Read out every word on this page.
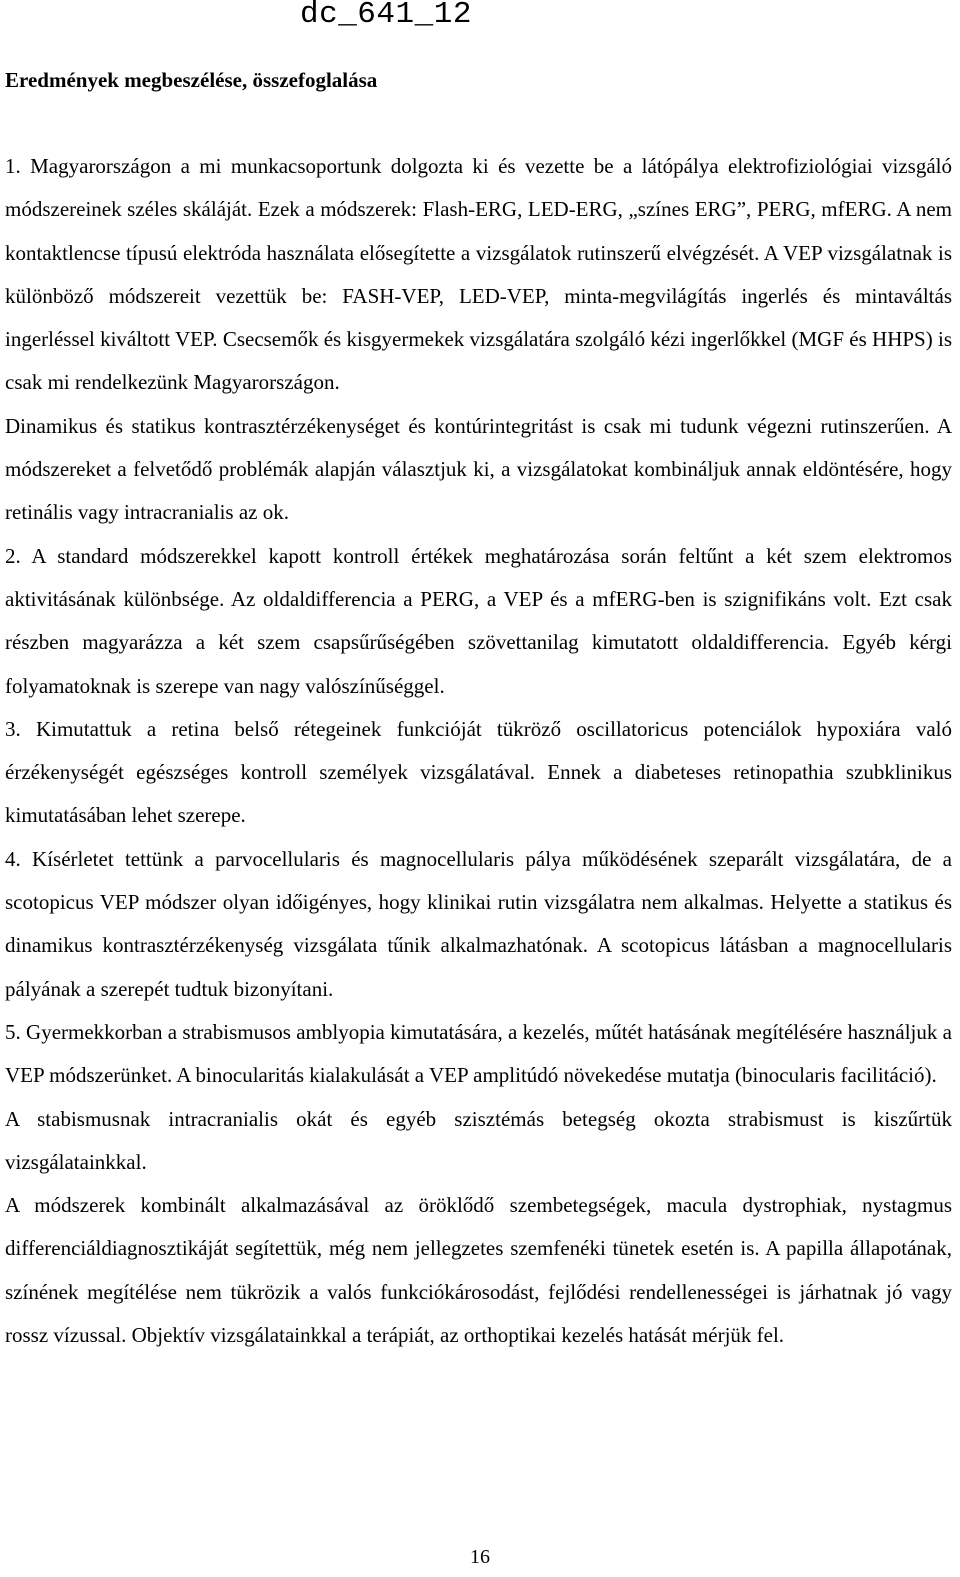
dc_641_12
Eredmények megbeszélése, összefoglalása

1. Magyarországon a mi munkacsoportunk dolgozta ki és vezette be a látópálya elektrofiziológiai vizsgáló módszereinek széles skáláját. Ezek a módszerek: Flash-ERG, LED-ERG, „színes ERG”, PERG, mfERG. A nem kontaktlencse típusú elektróda használata elősegítette a vizsgálatok rutinszerű elvégzését. A VEP vizsgálatnak is különböző módszereit vezettük be: FASH-VEP, LED-VEP, minta-megvilágítás ingerlés és mintaváltás ingerléssel kiváltott VEP. Csecsemők és kisgyermekek vizsgálatára szolgáló kézi ingerlőkkel (MGF és HHPS) is csak mi rendelkezünk Magyarországon.

Dinamikus és statikus kontrasztérzékenységet és kontúrintegritást is csak mi tudunk végezni rutinszerűen. A módszereket a felvetődő problémák alapján választjuk ki, a vizsgálatokat kombináljuk annak eldöntésére, hogy retinális vagy intracranialis az ok.

2. A standard módszerekkel kapott kontroll értékek meghatározása során feltűnt a két szem elektromos aktivitásának különbsége. Az oldaldifferencia a PERG, a VEP és a mfERG-ben is szignifikáns volt. Ezt csak részben magyarázza a két szem csapsűrűségében szövettanilag kimutatott oldaldifferencia. Egyéb kérgi folyamatoknak is szerepe van nagy valószínűséggel.

3. Kimutattuk a retina belső rétegeinek funkcióját tükröző oscillatoricus potenciálok hypoxiára való érzékenységét egészséges kontroll személyek vizsgálatával. Ennek a diabeteses retinopathia szubklinikus kimutatásában lehet szerepe.

4. Kísérletet tettünk a parvocellularis és magnocellularis pálya működésének szeparált vizsgálatára, de a scotopicus VEP módszer olyan időigényes, hogy klinikai rutin vizsgálatra nem alkalmas. Helyette a statikus és dinamikus kontrasztérzékenység vizsgálata tűnik alkalmazhatónak. A scotopicus látásban a magnocellularis pályának a szerepét tudtuk bizonyítani.

5. Gyermekkorban a strabismusos amblyopia kimutatására, a kezelés, műtét hatásának megítélésére használjuk a VEP módszerünket. A binocularitás kialakulását a VEP amplitúdó növekedése mutatja (binocularis facilitáció).

A stabismusnak intracranialis okát és egyéb szisztémás betegség okozta strabismust is kiszűrtük vizsgálatainkkal.

A módszerek kombinált alkalmazásával az öröklődő szembetegségek, macula dystrophiak, nystagmus differenciáldiagnosztikáját segítettük, még nem jellegzetes szemfenéki tünetek esetén is. A papilla állapotának, színének megítélése nem tükrözik a valós funkciókárosodást, fejlődési rendellenességei is járhatnak jó vagy rossz vízussal. Objektív vizsgálatainkkal a terápiát, az orthoptikai kezelés hatását mérjük fel.

16
